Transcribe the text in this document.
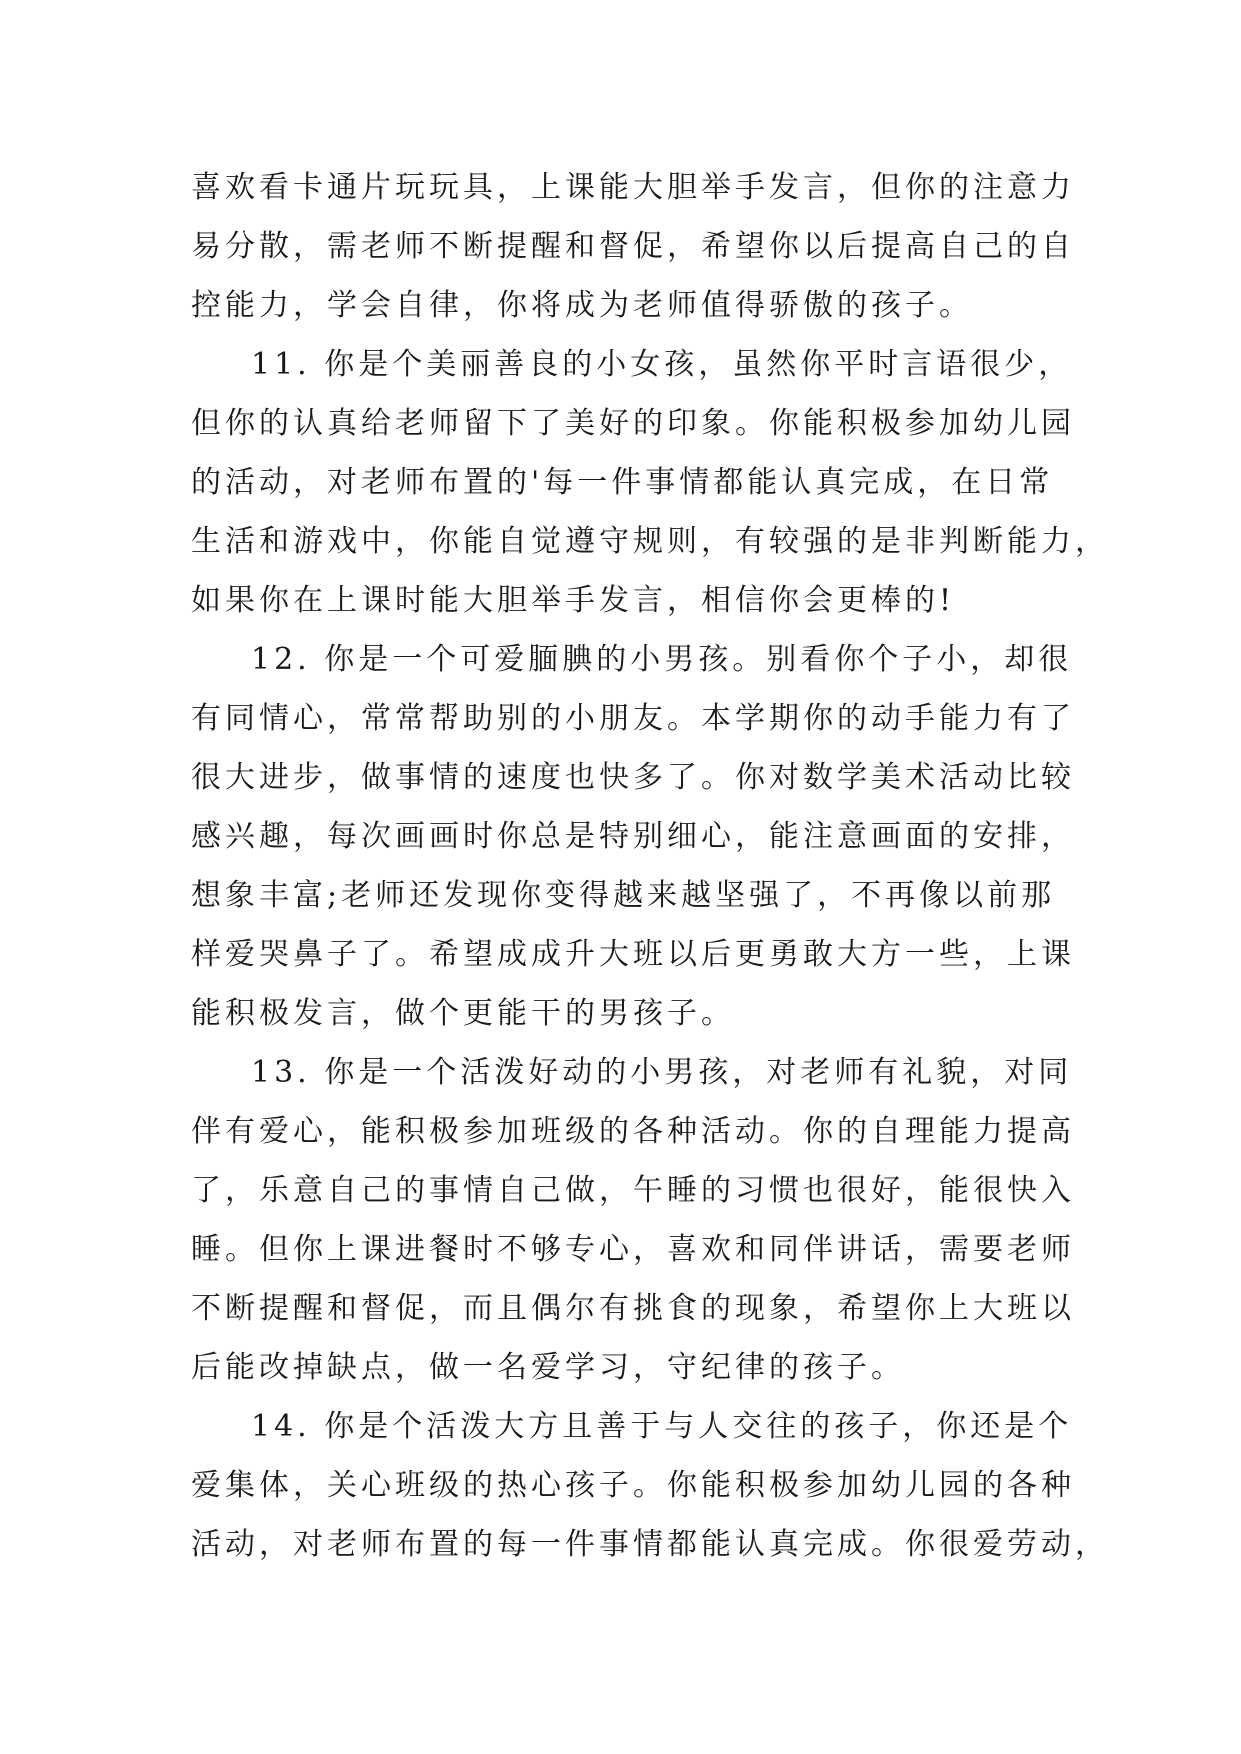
喜欢看卡通片玩玩具，上课能大胆举手发言，但你的注意力
易分散，需老师不断提醒和督促，希望你以后提高自己的自
控能力，学会自律，你将成为老师值得骄傲的孩子。
11. 你是个美丽善良的小女孩，虽然你平时言语很少，
但你的认真给老师留下了美好的印象。你能积极参加幼儿园
的活动，对老师布置的'每一件事情都能认真完成，在日常
生活和游戏中，你能自觉遵守规则，有较强的是非判断能力，
如果你在上课时能大胆举手发言，相信你会更棒的!
12. 你是一个可爱腼腆的小男孩。别看你个子小，却很
有同情心，常常帮助别的小朋友。本学期你的动手能力有了
很大进步，做事情的速度也快多了。你对数学美术活动比较
感兴趣，每次画画时你总是特别细心，能注意画面的安排，
想象丰富;老师还发现你变得越来越坚强了，不再像以前那
样爱哭鼻子了。希望成成升大班以后更勇敢大方一些，上课
能积极发言，做个更能干的男孩子。
13. 你是一个活泼好动的小男孩，对老师有礼貌，对同
伴有爱心，能积极参加班级的各种活动。你的自理能力提高
了，乐意自己的事情自己做，午睡的习惯也很好，能很快入
睡。但你上课进餐时不够专心，喜欢和同伴讲话，需要老师
不断提醒和督促，而且偶尔有挑食的现象，希望你上大班以
后能改掉缺点，做一名爱学习，守纪律的孩子。
14. 你是个活泼大方且善于与人交往的孩子，你还是个
爱集体，关心班级的热心孩子。你能积极参加幼儿园的各种
活动，对老师布置的每一件事情都能认真完成。你很爱劳动，
